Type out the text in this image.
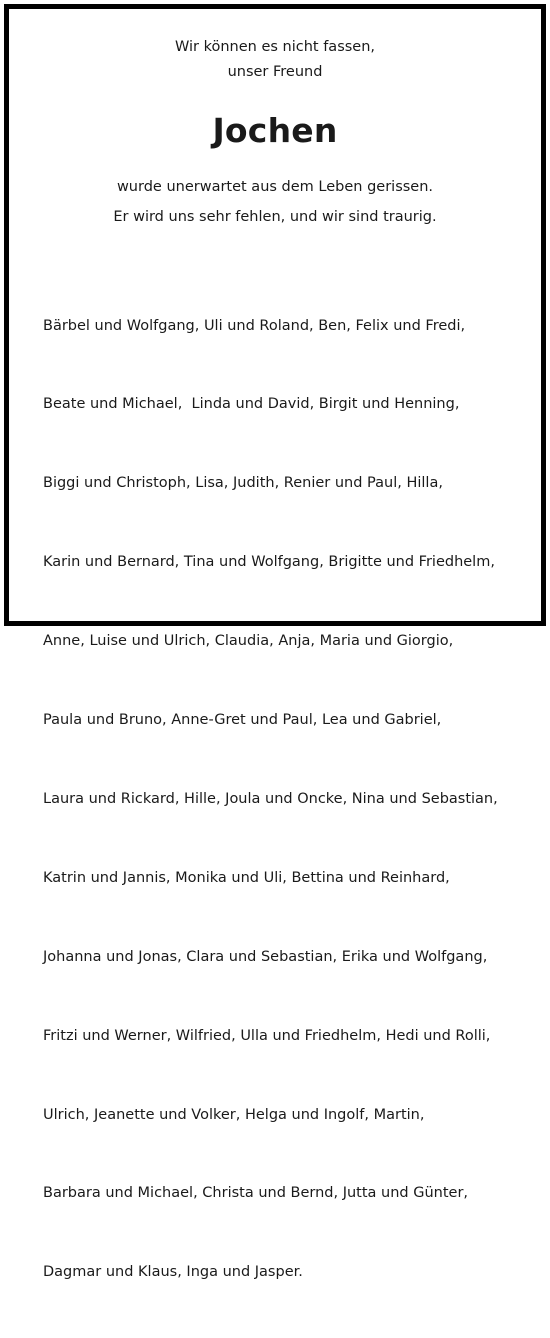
Wir können es nicht fassen,
unser Freund
Jochen
wurde unerwartet aus dem Leben gerissen.
Er wird uns sehr fehlen, und wir sind traurig.

Bärbel und Wolfgang, Uli und Roland, Ben, Felix und Fredi,

Beate und Michael,  Linda und David, Birgit und Henning,

Biggi und Christoph, Lisa, Judith, Renier und Paul, Hilla,

Karin und Bernard, Tina und Wolfgang, Brigitte und Friedhelm,

Anne, Luise und Ulrich, Claudia, Anja, Maria und Giorgio,

Paula und Bruno, Anne-Gret und Paul, Lea und Gabriel,

Laura und Rickard, Hille, Joula und Oncke, Nina und Sebastian,

Katrin und Jannis, Monika und Uli, Bettina und Reinhard,

Johanna und Jonas, Clara und Sebastian, Erika und Wolfgang,

Fritzi und Werner, Wilfried, Ulla und Friedhelm, Hedi und Rolli,

Ulrich, Jeanette und Volker, Helga und Ingolf, Martin,

Barbara und Michael, Christa und Bernd, Jutta und Günter,

Dagmar und Klaus, Inga und Jasper.
